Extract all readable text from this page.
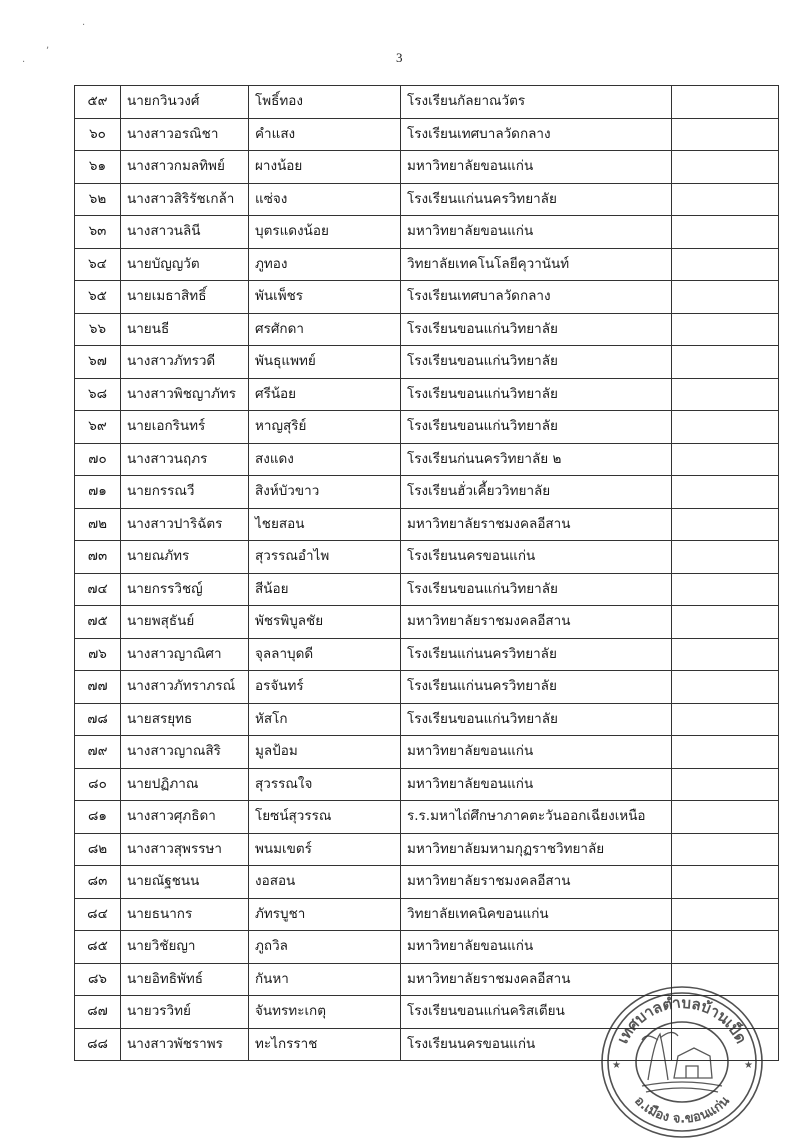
·
,
·	3
๕๙	นายกวินวงศ์	โพธิ์ทอง	โรงเรียนกัลยาณวัตร	
๖๐	นางสาวอรณิชา	คำแสง	โรงเรียนเทศบาลวัดกลาง	
๖๑	นางสาวกมลทิพย์	ผางน้อย	มหาวิทยาลัยขอนแก่น	
๖๒	นางสาวสิริรัชเกล้า	แซ่จง	โรงเรียนแก่นนครวิทยาลัย	
๖๓	นางสาวนลินี	บุตรแดงน้อย	มหาวิทยาลัยขอนแก่น	
๖๔	นายบัญญวัต	ภูทอง	วิทยาลัยเทคโนโลยีคุวานันท์	
๖๕	นายเมธาสิทธิ์	พันเพ็ชร	โรงเรียนเทศบาลวัดกลาง	
๖๖	นายนธี	ศรศักดา	โรงเรียนขอนแก่นวิทยาลัย	
๖๗	นางสาวภัทรวดี	พันธุแพทย์	โรงเรียนขอนแก่นวิทยาลัย	
๖๘	นางสาวพิชญาภัทร	ศรีน้อย	โรงเรียนขอนแก่นวิทยาลัย	
๖๙	นายเอกรินทร์	หาญสุริย์	โรงเรียนขอนแก่นวิทยาลัย	
๗๐	นางสาวนฤภร	สงแดง	โรงเรียนก่นนครวิทยาลัย ๒	
๗๑	นายกรรณวี	สิงห์บัวขาว	โรงเรียนฮั่วเคี้ยววิทยาลัย	
๗๒	นางสาวปาริฉัตร	ไชยสอน	มหาวิทยาลัยราชมงคลอีสาน	
๗๓	นายณภัทร	สุวรรณอำไพ	โรงเรียนนครขอนแก่น	
๗๔	นายกรรวิชญ์	สีน้อย	โรงเรียนขอนแก่นวิทยาลัย	
๗๕	นายพสุธันย์	พัชรพิบูลชัย	มหาวิทยาลัยราชมงคลอีสาน	
๗๖	นางสาวญาณิศา	จุลลาบุดดี	โรงเรียนแก่นนครวิทยาลัย	
๗๗	นางสาวภัทราภรณ์	อรจันทร์	โรงเรียนแก่นนครวิทยาลัย	
๗๘	นายสรยุทธ	หัสโก	โรงเรียนขอนแก่นวิทยาลัย	
๗๙	นางสาวญาณสิริ	มูลป้อม	มหาวิทยาลัยขอนแก่น	
๘๐	นายปฏิภาณ	สุวรรณใจ	มหาวิทยาลัยขอนแก่น	
๘๑	นางสาวศุภธิดา	โยซน์สุวรรณ	ร.ร.มหาไถ่ศึกษาภาคตะวันออกเฉียงเหนือ	
๘๒	นางสาวสุพรรษา	พนมเขตร์	มหาวิทยาลัยมหามกุฏราชวิทยาลัย	
๘๓	นายณัฐชนน	งอสอน	มหาวิทยาลัยราชมงคลอีสาน	
๘๔	นายธนากร	ภัทรบูชา	วิทยาลัยเทคนิคขอนแก่น	
๘๕	นายวิชัยญา	ภูถวิล	มหาวิทยาลัยขอนแก่น	
๘๖	นายอิทธิพัทธ์	กันหา	มหาวิทยาลัยราชมงคลอีสาน	
๘๗	นายวรวิทย์	จันทรทะเกตุ	โรงเรียนขอนแก่นคริสเตียน	
๘๘	นางสาวพัชราพร	ทะไกรราช	โรงเรียนนครขอนแก่น		เทศบาลตำบลบ้านเป็ด
อ.เมือง จ.ขอนแก่น
★	★
